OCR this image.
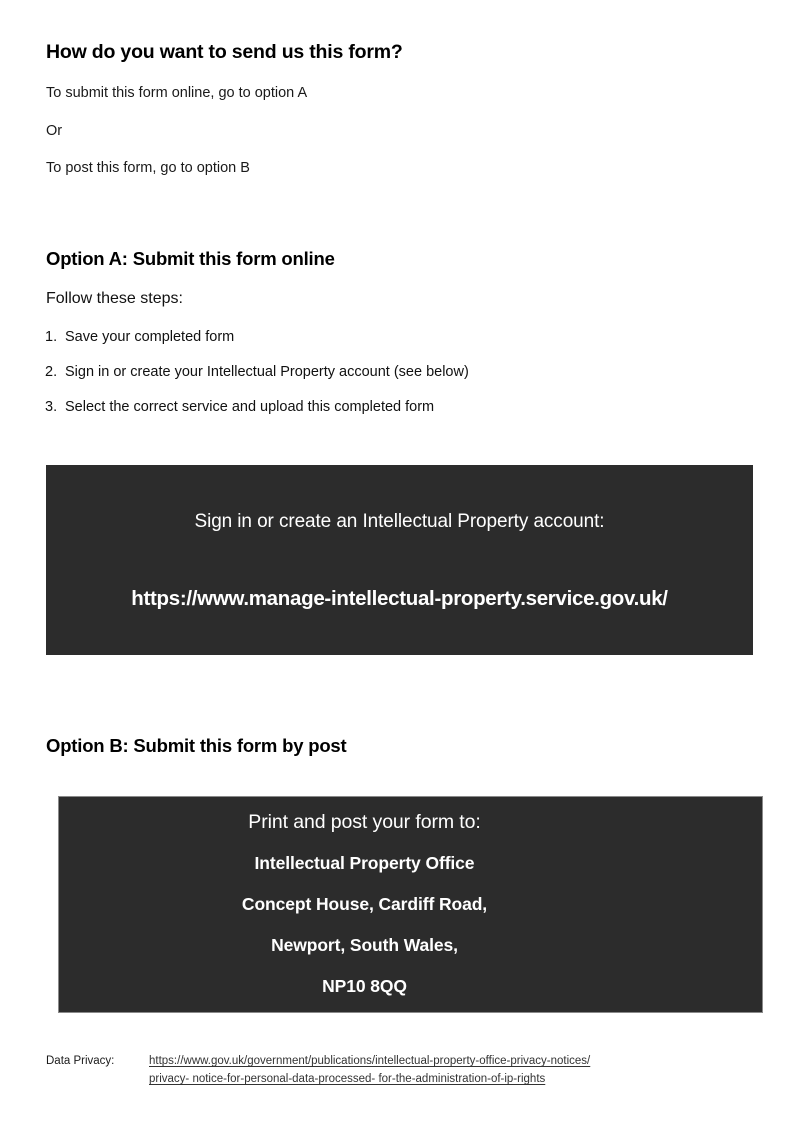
How do you want to send us this form?
To submit this form online, go to option A
Or
To post this form, go to option B
Option A: Submit this form online
Follow these steps:
1. Save your completed form
2. Sign in or create your Intellectual Property account (see below)
3. Select the correct service and upload this completed form
Sign in or create an Intellectual Property account:
https://www.manage-intellectual-property.service.gov.uk/
Option B: Submit this form by post
Print and post your form to:
Intellectual Property Office
Concept House, Cardiff Road,
Newport, South Wales,
NP10 8QQ
Data Privacy:	https://www.gov.uk/government/publications/intellectual-property-office-privacy-notices/
privacy- notice-for-personal-data-processed- for-the-administration-of-ip-rights
